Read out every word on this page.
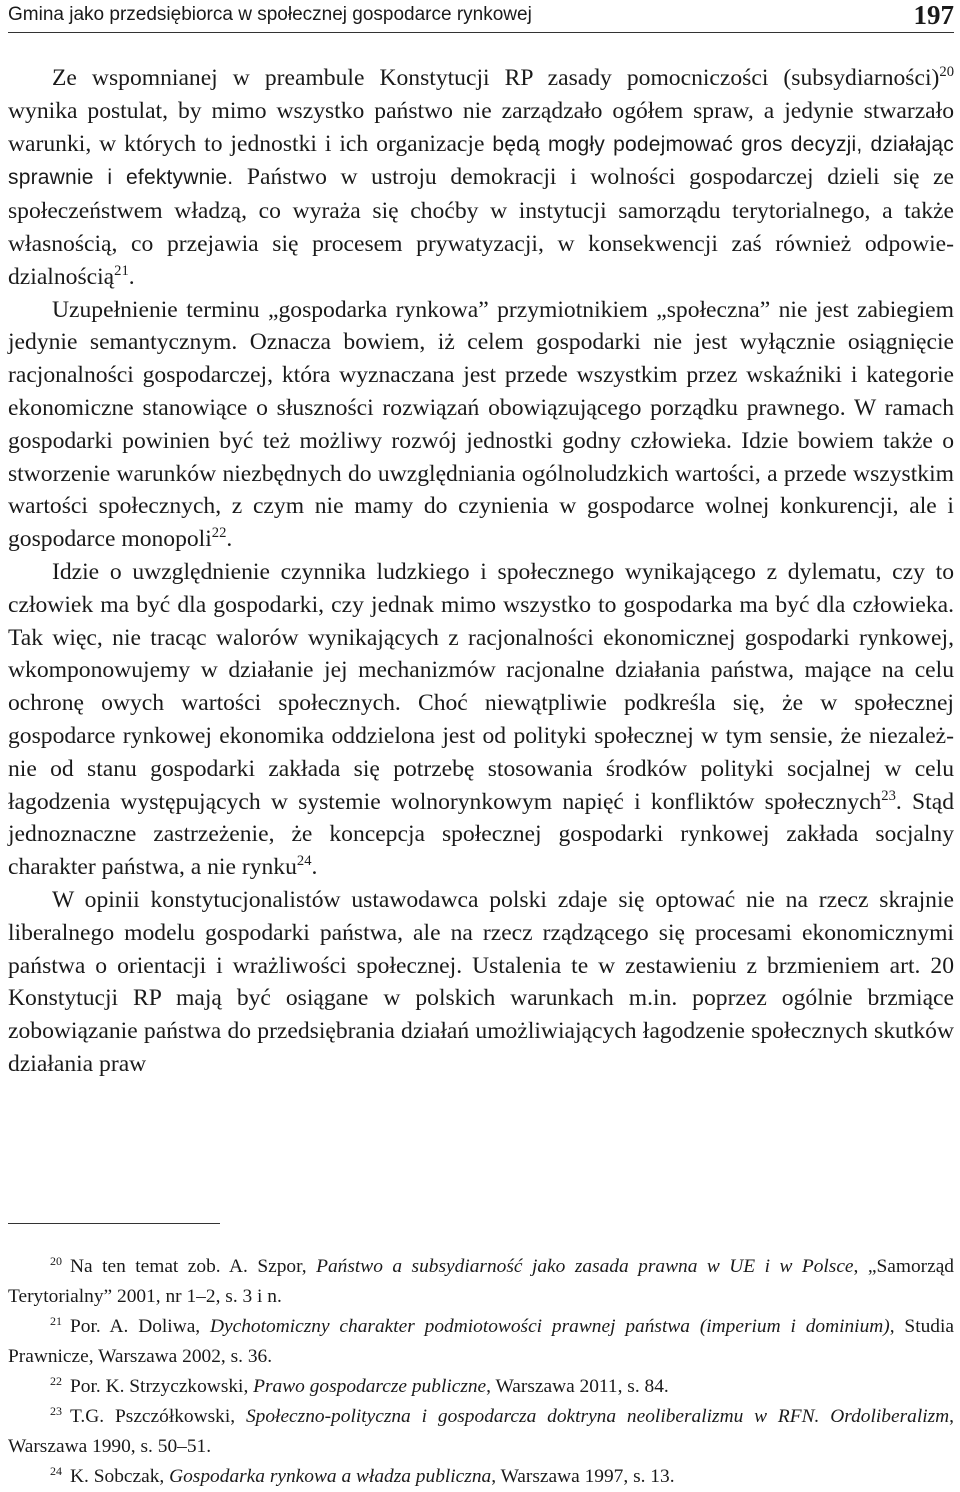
Gmina jako przedsiębiorca w społecznej gospodarce rynkowej	197

Ze wspomnianej w preambule Konstytucji RP zasady pomocniczości (subsydiarności)$^{20}$ wynika postulat, by mimo wszystko państwo nie zarządzało ogółem spraw, a jedynie stwarzało warunki, w których to jednostki i ich organizacje będą mogły podejmować gros decyzji, działając sprawnie i efektywnie. Państwo w ustroju demokracji i wolności gospodarczej dzieli się ze społeczeństwem władzą, co wyraża się choćby w instytucji samorządu terytorialnego, a także własnością, co przejawia się procesem prywatyzacji, w konsekwencji zaś również odpowiedzialnością$^{21}$.

Uzupełnienie terminu „gospodarka rynkowa” przymiotnikiem „społeczna” nie jest zabiegiem jedynie semantycznym. Oznacza bowiem, iż celem gospodarki nie jest wyłącznie osiągnięcie racjonalności gospodarczej, która wyznaczana jest przede wszystkim przez wskaźniki i kategorie ekonomiczne stanowiące o słuszności rozwiązań obowiązującego porządku prawnego. W ramach gospodarki powinien być też możliwy rozwój jednostki godny człowieka. Idzie bowiem także o stworzenie warunków niezbędnych do uwzględniania ogólnoludzkich wartości, a przede wszystkim wartości społecznych, z czym nie mamy do czynienia w gospodarce wolnej konkurencji, ale i gospodarce monopoli$^{22}$.

Idzie o uwzględnienie czynnika ludzkiego i społecznego wynikającego z dylematu, czy to człowiek ma być dla gospodarki, czy jednak mimo wszystko to gospodarka ma być dla człowieka. Tak więc, nie tracąc walorów wynikających z racjonalności ekonomicznej gospodarki rynkowej, wkomponowujemy w działanie jej mechanizmów racjonalne działania państwa, mające na celu ochronę owych wartości społecznych. Choć niewątpliwie podkreśla się, że w społecznej gospodarce rynkowej ekonomika oddzielona jest od polityki społecznej w tym sensie, że niezależnie od stanu gospodarki zakłada się potrzebę stosowania środków polityki socjalnej w celu łagodzenia występujących w systemie wolnorynkowym napięć i konfliktów społecznych$^{23}$. Stąd jednoznaczne zastrzeżenie, że koncepcja społecznej gospodarki rynkowej zakłada socjalny charakter państwa, a nie rynku$^{24}$.

W opinii konstytucjonalistów ustawodawca polski zdaje się optować nie na rzecz skrajnie liberalnego modelu gospodarki państwa, ale na rzecz rządzącego się procesami ekonomicznymi państwa o orientacji i wrażliwości społecznej. Ustalenia te w zestawieniu z brzmieniem art. 20 Konstytucji RP mają być osiągane w polskich warunkach m.in. poprzez ogólnie brzmiące zobowiązanie państwa do przedsiębrania działań umożliwiających łagodzenie społecznych skutków działania praw

$^{20}$ Na ten temat zob. A. Szpor, Państwo a subsydiarność jako zasada prawna w UE i w Polsce, „Samorząd Terytorialny” 2001, nr 1–2, s. 3 i n.

$^{21}$ Por. A. Doliwa, Dychotomiczny charakter podmiotowości prawnej państwa (imperium i dominium), Studia Prawnicze, Warszawa 2002, s. 36.

$^{22}$ Por. K. Strzyczkowski, Prawo gospodarcze publiczne, Warszawa 2011, s. 84.

$^{23}$ T.G. Pszczółkowski, Społeczno-polityczna i gospodarcza doktryna neoliberalizmu w RFN. Ordoliberalizm, Warszawa 1990, s. 50–51.

$^{24}$ K. Sobczak, Gospodarka rynkowa a władza publiczna, Warszawa 1997, s. 13.
